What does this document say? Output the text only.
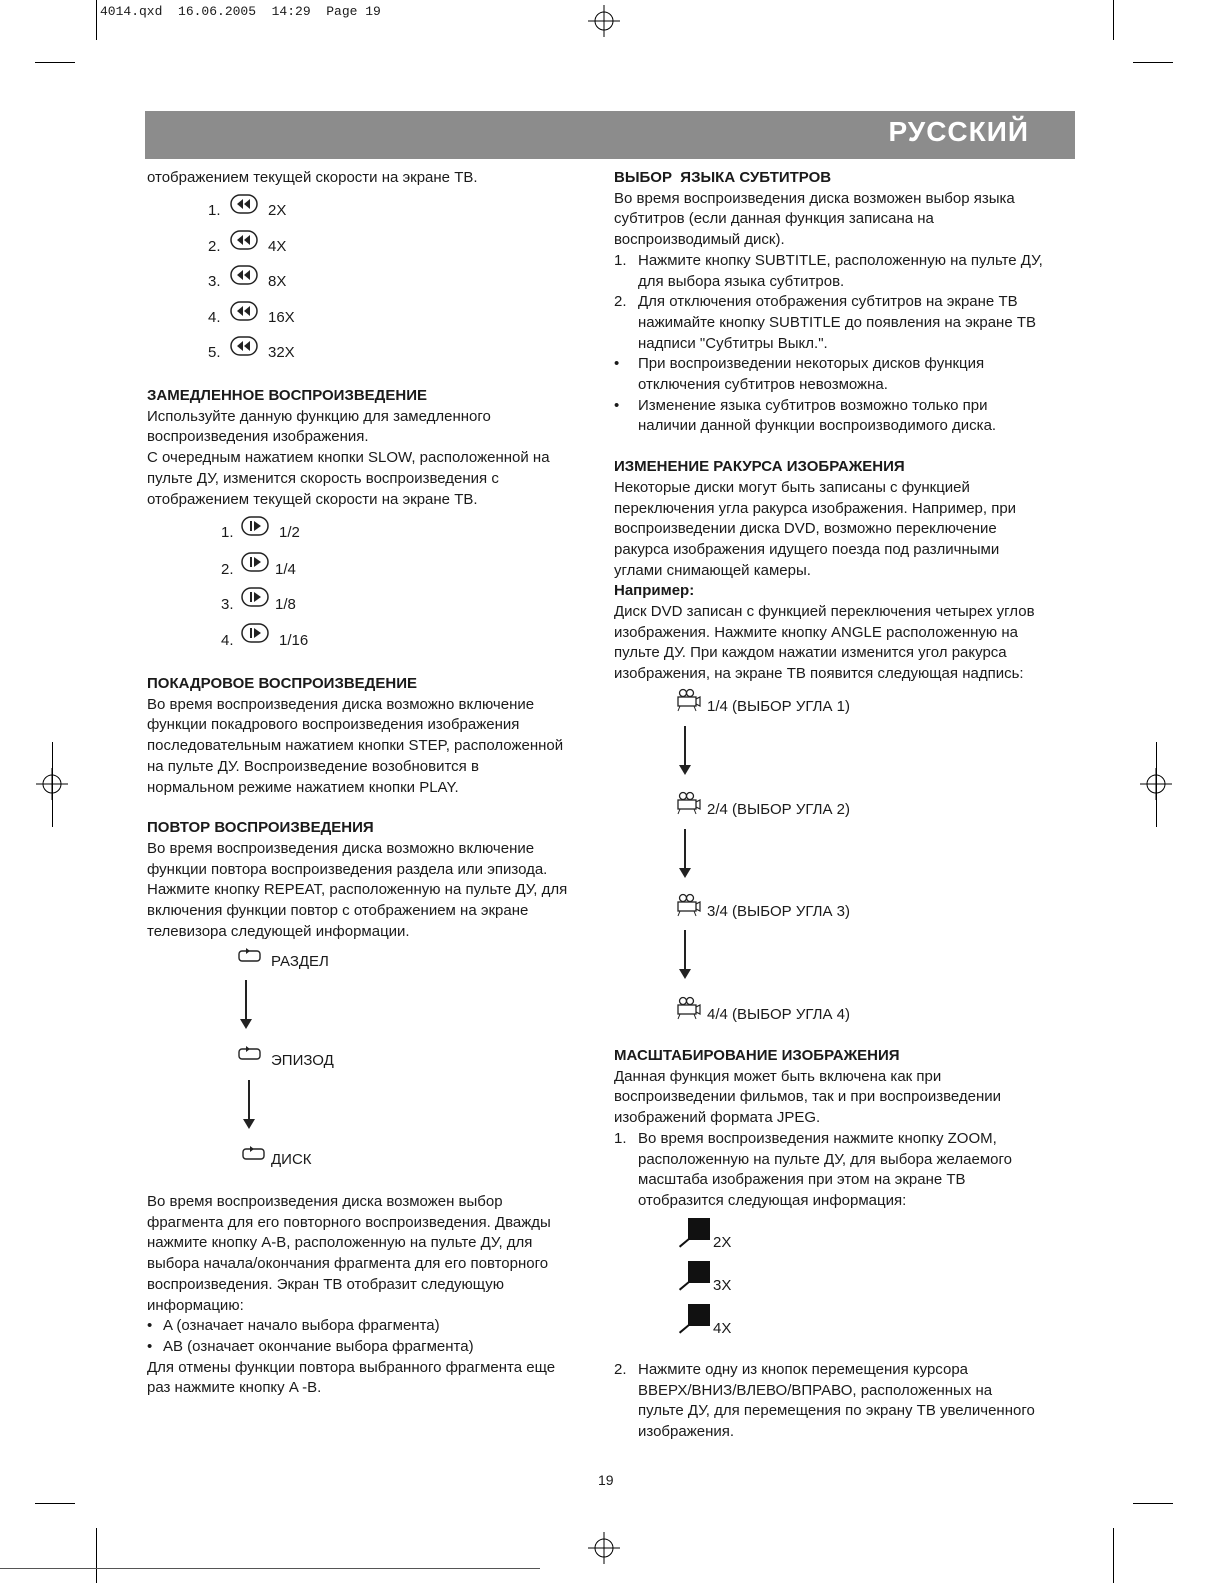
4014.qxd  16.06.2005  14:29  Page 19
РУССКИЙ

отображением текущей скорости на экране ТВ.

1.	2X
2.	4X
3.	8X
4.	16X
5.	32X

ЗАМЕДЛЕННОЕ ВОСПРОИЗВЕДЕНИЕ

Используйте данную функцию для замедленного

воспроизведения изображения.

С очередным нажатием кнопки SLOW, расположенной на

пульте ДУ, изменится скорость воспроизведения с

отображением текущей скорости на экране ТВ.

1.	1/2
2.	1/4
3.	1/8
4.	1/16

ПОКАДРОВОЕ ВОСПРОИЗВЕДЕНИЕ

Во время воспроизведения диска возможно включение

функции покадрового воспроизведения изображения

последовательным нажатием кнопки STEP, расположенной

на пульте ДУ. Воспроизведение возобновится в

нормальном режиме нажатием кнопки PLAY.

ПОВТОР ВОСПРОИЗВЕДЕНИЯ

Во время воспроизведения диска возможно включение

функции повтора воспроизведения раздела или эпизода.

Нажмите кнопку REPEAT, расположенную на пульте ДУ, для

включения функции повтор с отображением на экране

телевизора следующей информации.

РАЗДЕЛ
ЭПИЗОД
ДИСК

Во время воспроизведения диска возможен выбор

фрагмента для его повторного воспроизведения. Дважды

нажмите кнопку A-B, расположенную на пульте ДУ, для

выбора начала/окончания фрагмента для его повторного

воспроизведения. Экран ТВ отобразит следующую

информацию:

• A (означает начало выбора фрагмента)
• AB (означает окончание выбора фрагмента)

Для отмены функции повтора выбранного фрагмента еще

раз нажмите кнопку A -B.

ВЫБОР  ЯЗЫКА СУБТИТРОВ

Во время воспроизведения диска возможен выбор языка

субтитров (если данная функция записана на

воспроизводимый диск).

1. Нажмите кнопку SUBTITLE, расположенную на пульте ДУ,

для выбора языка субтитров.

2. Для отключения отображения субтитров на экране ТВ

нажимайте кнопку SUBTITLE до появления на экране ТВ

надписи "Субтитры Выкл.".

• При воспроизведении некоторых дисков функция

отключения субтитров невозможна.

• Изменение языка субтитров возможно только при

наличии данной функции воспроизводимого диска.

ИЗМЕНЕНИЕ РАКУРСА ИЗОБРАЖЕНИЯ

Некоторые диски могут быть записаны с функцией

переключения угла ракурса изображения. Например, при

воспроизведении диска DVD, возможно переключение

ракурса изображения идущего поезда под различными

углами снимающей камеры.

Например:

Диск DVD записан с функцией переключения четырех углов

изображения. Нажмите кнопку ANGLE расположенную на

пульте ДУ. При каждом нажатии изменится угол ракурса

изображения, на экране ТВ появится следующая надпись:

1/4 (ВЫБОР УГЛА 1)
2/4 (ВЫБОР УГЛА 2)
3/4 (ВЫБОР УГЛА 3)
4/4 (ВЫБОР УГЛА 4)

МАСШТАБИРОВАНИЕ ИЗОБРАЖЕНИЯ

Данная функция может быть включена как при

воспроизведении фильмов, так и при воспроизведении

изображений формата JPEG.

1. Во время воспроизведения нажмите кнопку ZOOM,

расположенную на пульте ДУ, для выбора желаемого

масштаба изображения при этом на экране ТВ

отобразится следующая информация:

2X
3X
4X
2. Нажмите одну из кнопок перемещения курсора

ВВЕРХ/ВНИЗ/ВЛЕВО/ВПРАВО, расположенных на

пульте ДУ, для перемещения по экрану ТВ увеличенного

изображения.

19
